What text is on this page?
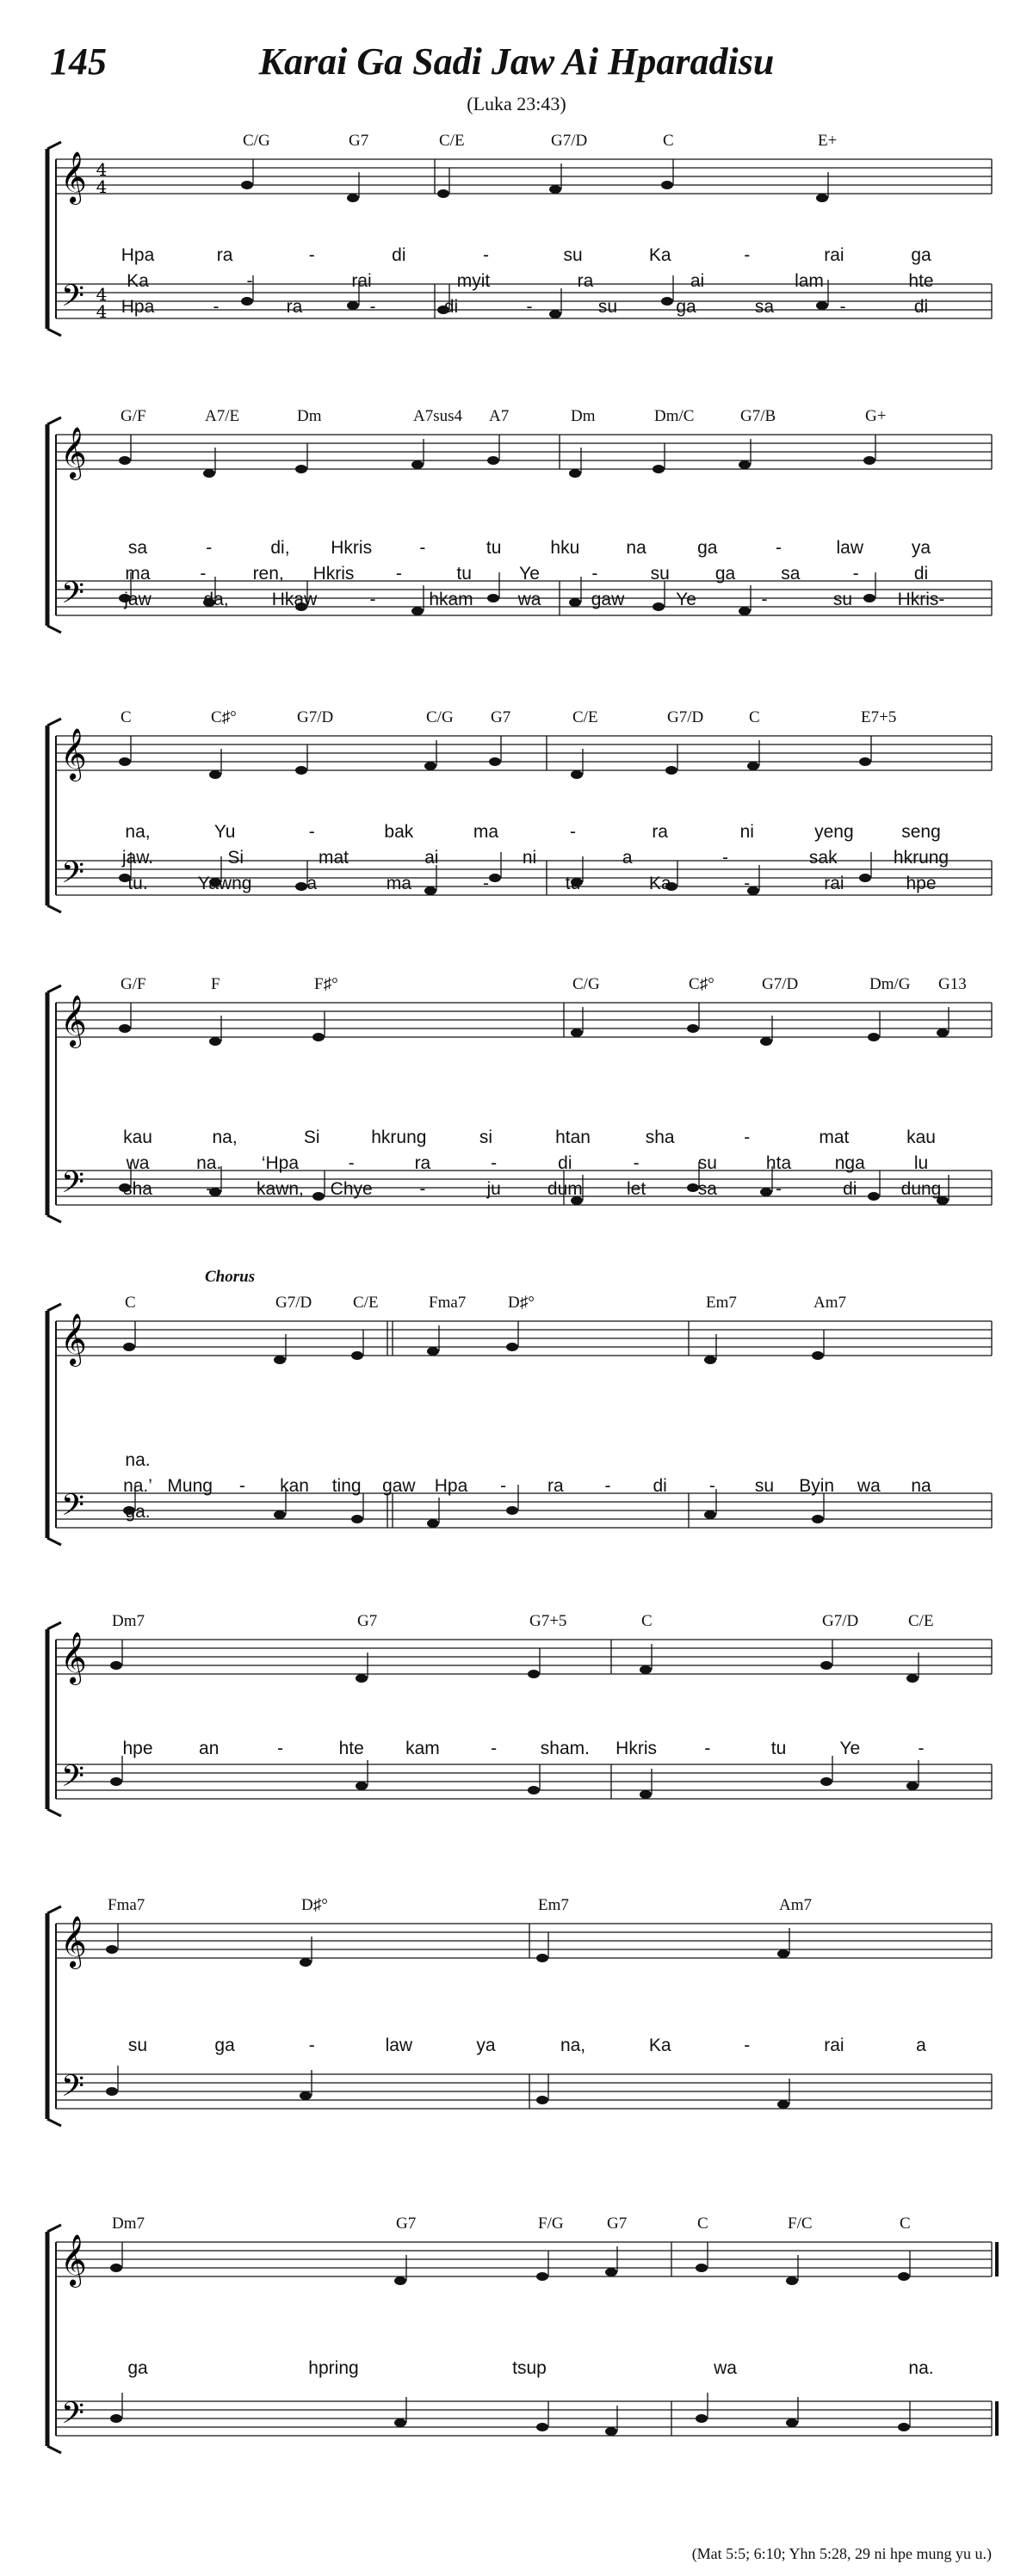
145	Karai Ga Sadi Jaw Ai Hparadisu
(Luka 23:43)
𝄞
𝄢
4
4
4
4
C/G	G7	C/E	G7/D	C	E+
Hpa	ra	-	di	-	su	Ka	-	rai	ga
Ka	-	rai	myit	ra	ai	lam	hte
Hpa	-	ra	-	di	-	su	ga	sa	-	di
𝄞
𝄢
G/F	A7/E	Dm	A7sus4 A7	Dm	Dm/C	G7/B	G+
sa	-	di, Hkris	-	tu	hku	na	ga	-	law	ya
ma	-	ren, Hkris -	tu	Ye	-	su	ga	sa	-	di
jaw	da, Hkaw	-	hkam wa	gaw	Ye	-	su Hkris-
𝄞
𝄢
C	C♯°	G7/D	C/G G7	C/E	G7/D	C	E7+5
na,	Yu	-	bak	ma	-	ra	ni	yeng	seng
jaw.	Si	mat	ai	ni	a	-	sak	hkrung
tu.	Yawng	a	ma	-	tu	Ka	-	rai	hpe
𝄞
𝄢
G/F	F	F♯°	C/G	C♯°	G7/D	Dm/G G13
kau	na,	Si	hkrung	si	htan	sha	-	mat	kau
wa	na. ‘Hpa	-	ra	-	di	-	su	hta nga	lu
sha	- kawn, Chye	-	ju	dum let	sa	-	di dung
𝄞
𝄢
C	G7/D	C/E	Fma7	D♯°	Em7	Am7
Chorus
na.
na.’ Mung - kan ting gaw Hpa - ra - di - su Byin wa na
ga.
𝄞
𝄢
Dm7	G7	G7+5	C	G7/D	C/E
hpe	an	-	hte kam	- sham. Hkris	-	tu	Ye	-
𝄞
𝄢
Fma7	D♯°	Em7	Am7
su	ga	-	law	ya	na,	Ka	-	rai	a
𝄞
𝄢
Dm7	G7	F/G	G7	C	F/C	C
ga	hpring	tsup	wa	na.
(Mat 5:5; 6:10; Yhn 5:28, 29 ni hpe mung yu u.)
